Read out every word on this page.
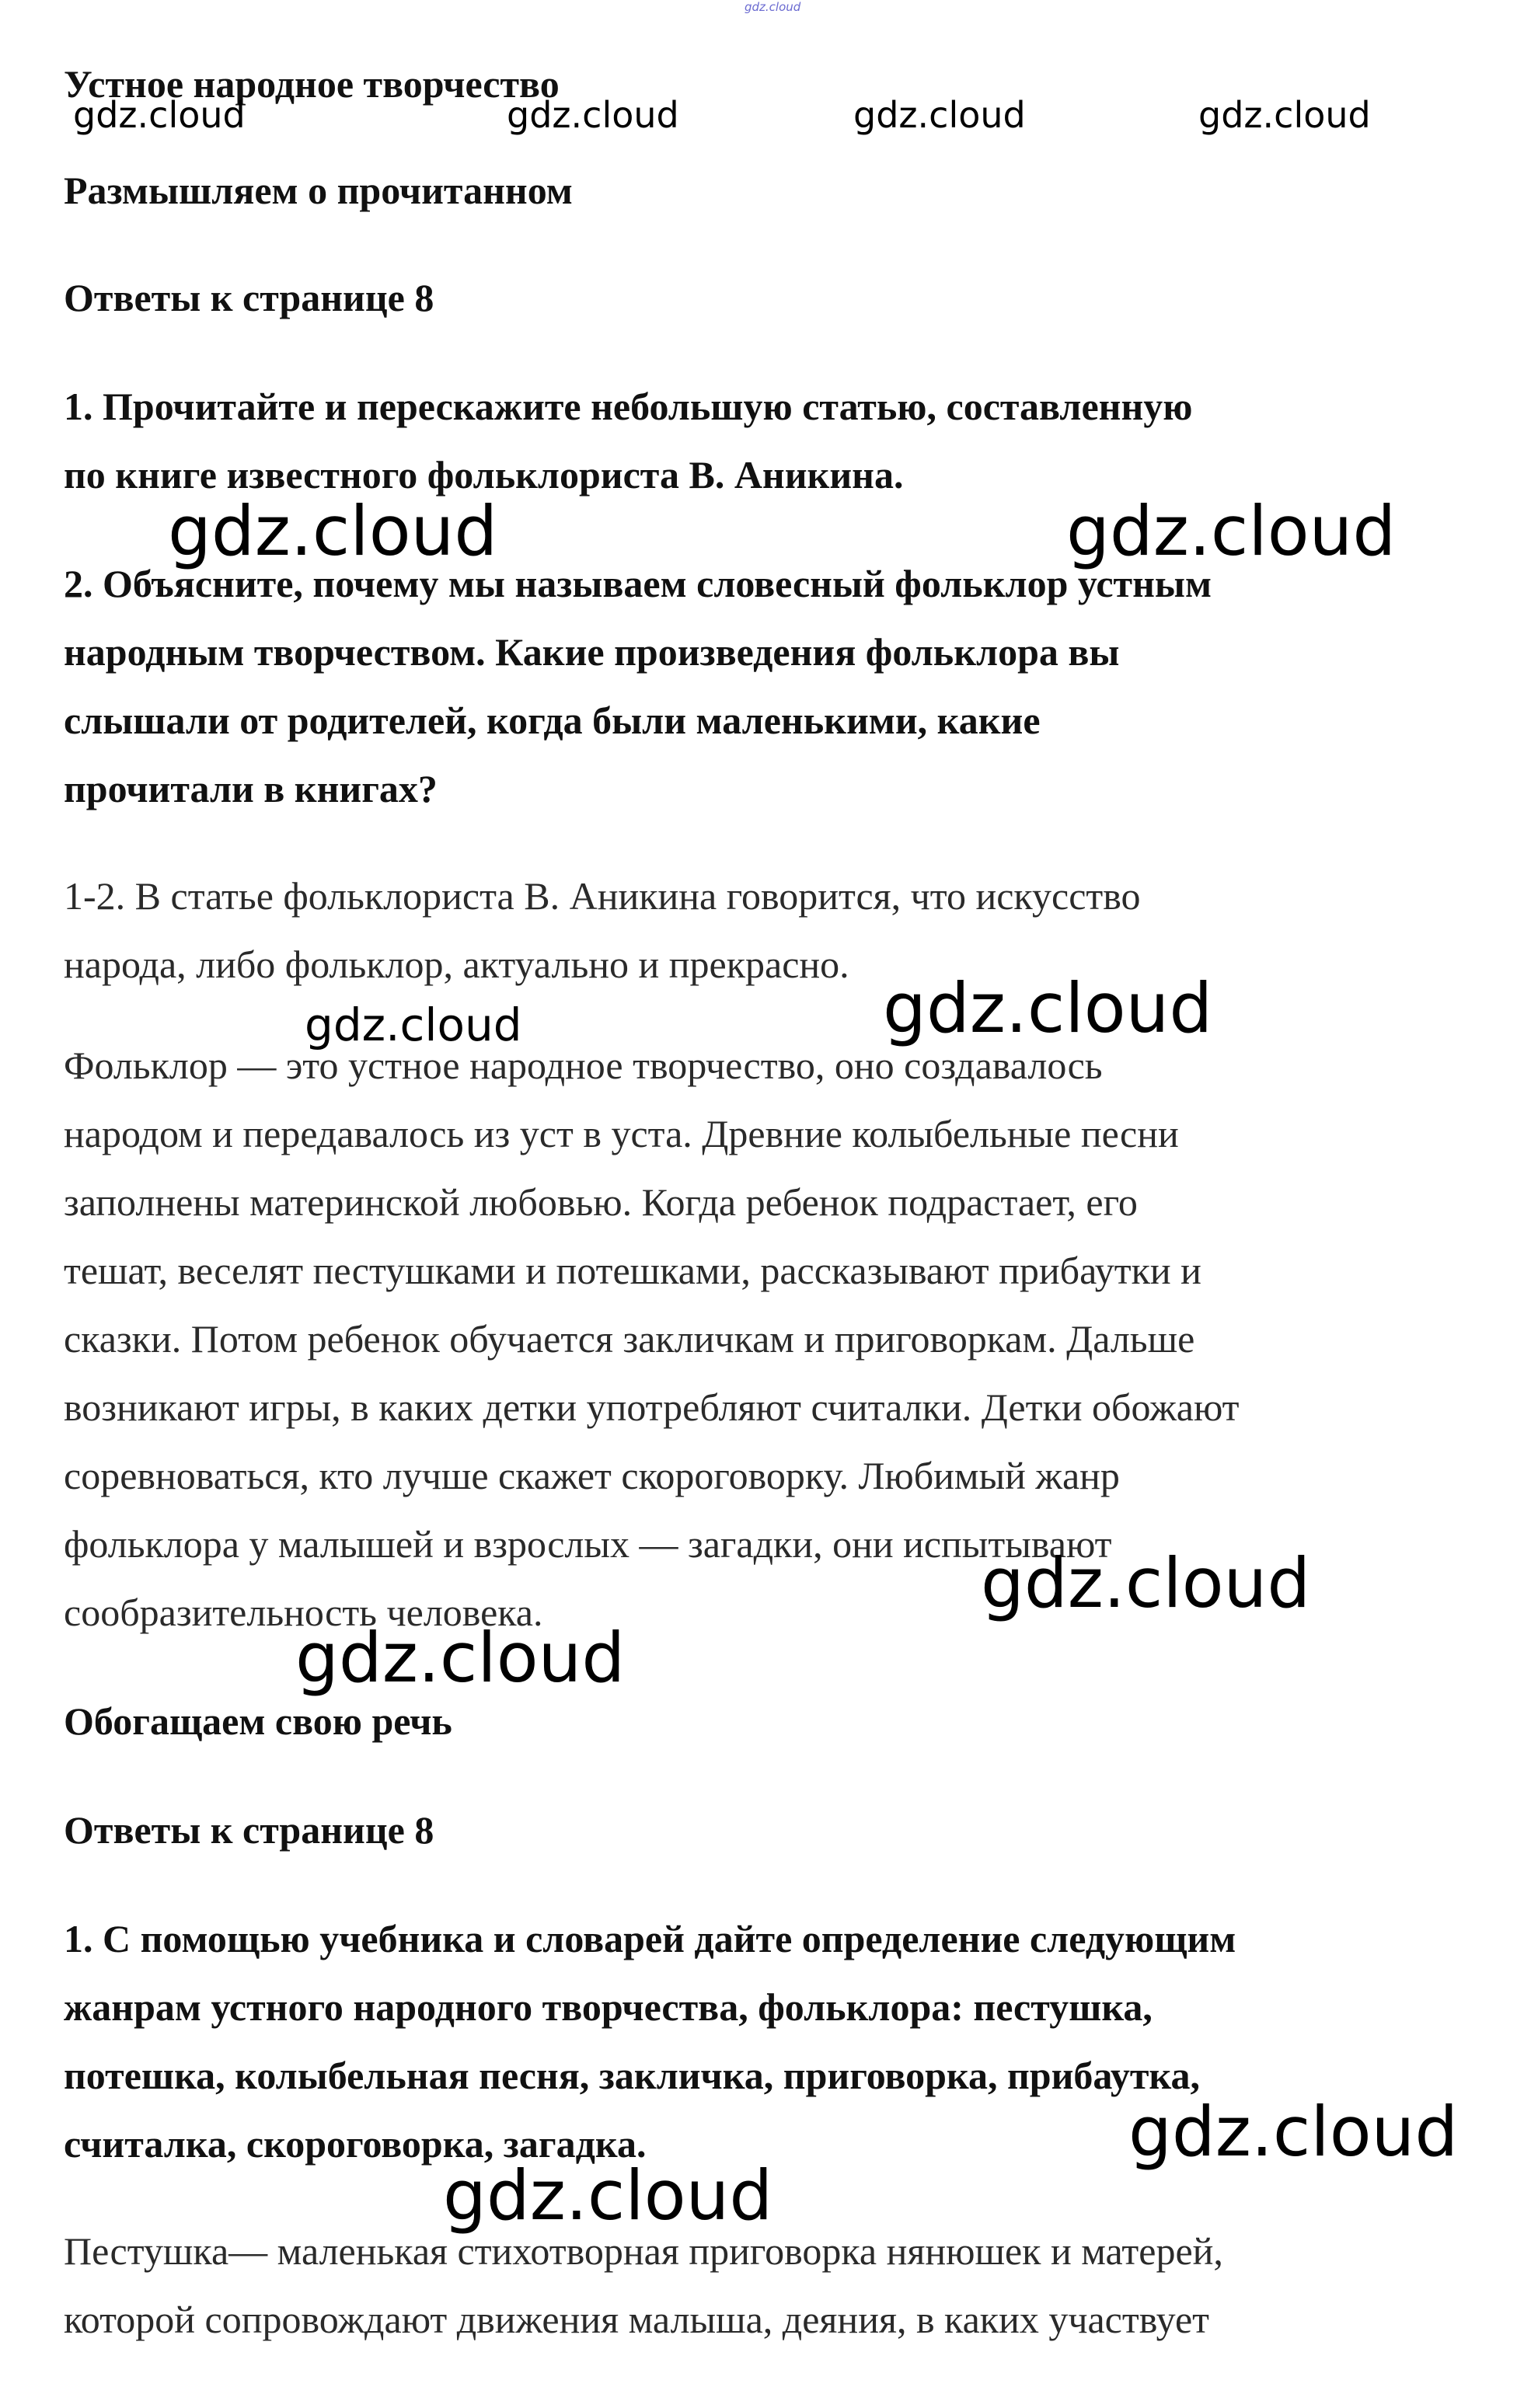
gdz.cloud
Устное народное творчество
gdz.cloud	gdz.cloud	gdz.cloud	gdz.cloud
Размышляем о прочитанном
Ответы к странице 8
1. Прочитайте и перескажите небольшую статью, составленную
по книге известного фольклориста В. Аникина.
gdz.cloud	gdz.cloud
2. Объясните, почему мы называем словесный фольклор устным
народным творчеством. Какие произведения фольклора вы
слышали от родителей, когда были маленькими, какие
прочитали в книгах?
1-2. В статье фольклориста В. Аникина говорится, что искусство
народа, либо фольклор, актуально и прекрасно.
gdz.cloud	gdz.cloud
Фольклор — это устное народное творчество, оно создавалось
народом и передавалось из уст в уста. Древние колыбельные песни
заполнены материнской любовью. Когда ребенок подрастает, его
тешат, веселят пестушками и потешками, рассказывают прибаутки и
сказки. Потом ребенок обучается закличкам и приговоркам. Дальше
возникают игры, в каких детки употребляют считалки. Детки обожают
соревноваться, кто лучше скажет скороговорку. Любимый жанр
фольклора у малышей и взрослых — загадки, они испытывают
сообразительность человека.	gdz.cloud
gdz.cloud
Обогащаем свою речь
Ответы к странице 8
1. С помощью учебника и словарей дайте определение следующим
жанрам устного народного творчества, фольклора: пестушка,
потешка, колыбельная песня, закличка, приговорка, прибаутка,
считалка, скороговорка, загадка.	gdz.cloud
gdz.cloud
Пестушка— маленькая стихотворная приговорка нянюшек и матерей,
которой сопровождают движения малыша, деяния, в каких участвует
